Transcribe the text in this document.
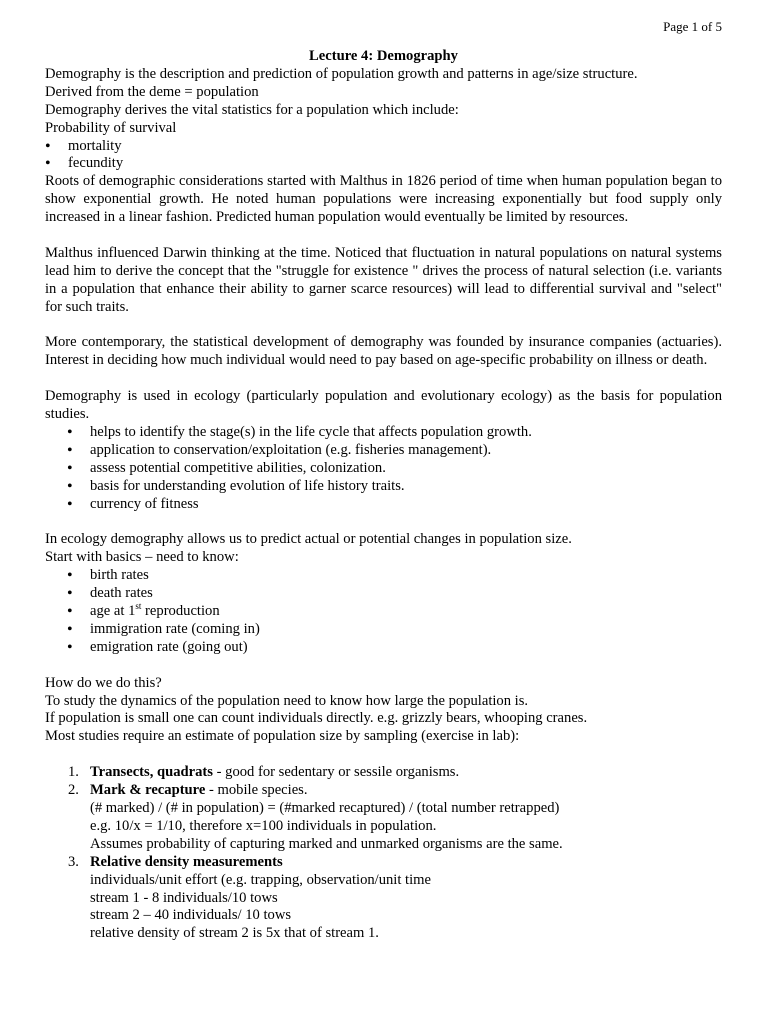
Page 1 of 5

Lecture 4: Demography

Demography is the description and prediction of population growth and patterns in age/size structure.

Derived from the deme = population

Demography derives the vital statistics for a population which include:

Probability of survival

• mortality
• fecundity

Roots of demographic considerations started with Malthus in 1826 period of time when human population began to show exponential growth. He noted human populations were increasing exponentially but food supply only increased in a linear fashion. Predicted human population would eventually be limited by resources.

Malthus influenced Darwin thinking at the time. Noticed that fluctuation in natural populations on natural systems lead him to derive the concept that the "struggle for existence " drives the process of natural selection (i.e. variants in a population that enhance their ability to garner scarce resources) will lead to differential survival and "select" for such traits.

More contemporary, the statistical development of demography was founded by insurance companies (actuaries). Interest in deciding how much individual would need to pay based on age-specific probability on illness or death.

Demography is used in ecology (particularly population and evolutionary ecology) as the basis for population studies.

• helps to identify the stage(s) in the life cycle that affects population growth.
• application to conservation/exploitation (e.g. fisheries management).
• assess potential competitive abilities, colonization.
• basis for understanding evolution of life history traits.
• currency of fitness

In ecology demography allows us to predict actual or potential changes in population size.

Start with basics – need to know:

• birth rates
• death rates
• age at 1st reproduction
• immigration rate (coming in)
• emigration rate (going out)

How do we do this?

To study the dynamics of the population need to know how large the population is.

If population is small one can count individuals directly. e.g. grizzly bears, whooping cranes.

Most studies require an estimate of population size by sampling (exercise in lab):

1. Transects, quadrats - good for sedentary or sessile organisms.
2. Mark & recapture - mobile species.
(# marked) / (# in population) = (#marked recaptured) / (total number retrapped)
e.g. 10/x = 1/10, therefore x=100 individuals in population.
Assumes probability of capturing marked and unmarked organisms are the same.
3. Relative density measurements
individuals/unit effort (e.g. trapping, observation/unit time
stream 1 - 8 individuals/10 tows
stream 2 – 40 individuals/ 10 tows
relative density of stream 2 is 5x that of stream 1.
